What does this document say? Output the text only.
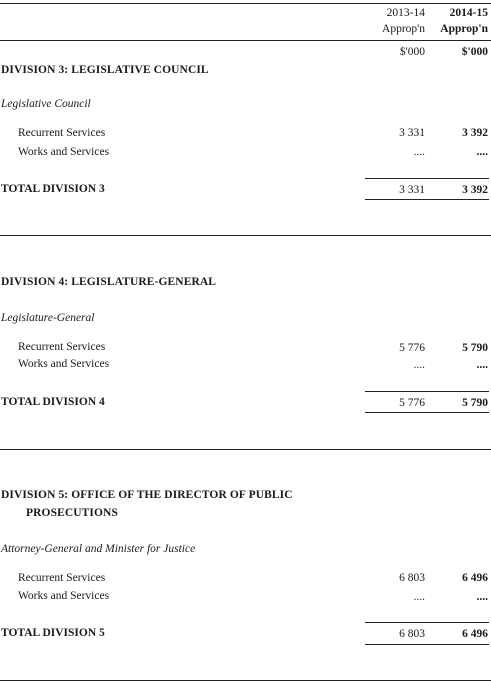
2013-14	2014-15
Approp'n	Approp'n
$'000	$'000
DIVISION 3: LEGISLATIVE COUNCIL
Legislative Council
Recurrent Services	3 331	3 392
Works and Services	....	....
TOTAL DIVISION 3	3 331	3 392
DIVISION 4: LEGISLATURE-GENERAL
Legislature-General
Recurrent Services	5 776	5 790
Works and Services	....	....
TOTAL DIVISION 4	5 776	5 790
DIVISION 5: OFFICE OF THE DIRECTOR OF PUBLIC
PROSECUTIONS
Attorney-General and Minister for Justice
Recurrent Services	6 803	6 496
Works and Services	....	....
TOTAL DIVISION 5	6 803	6 496
